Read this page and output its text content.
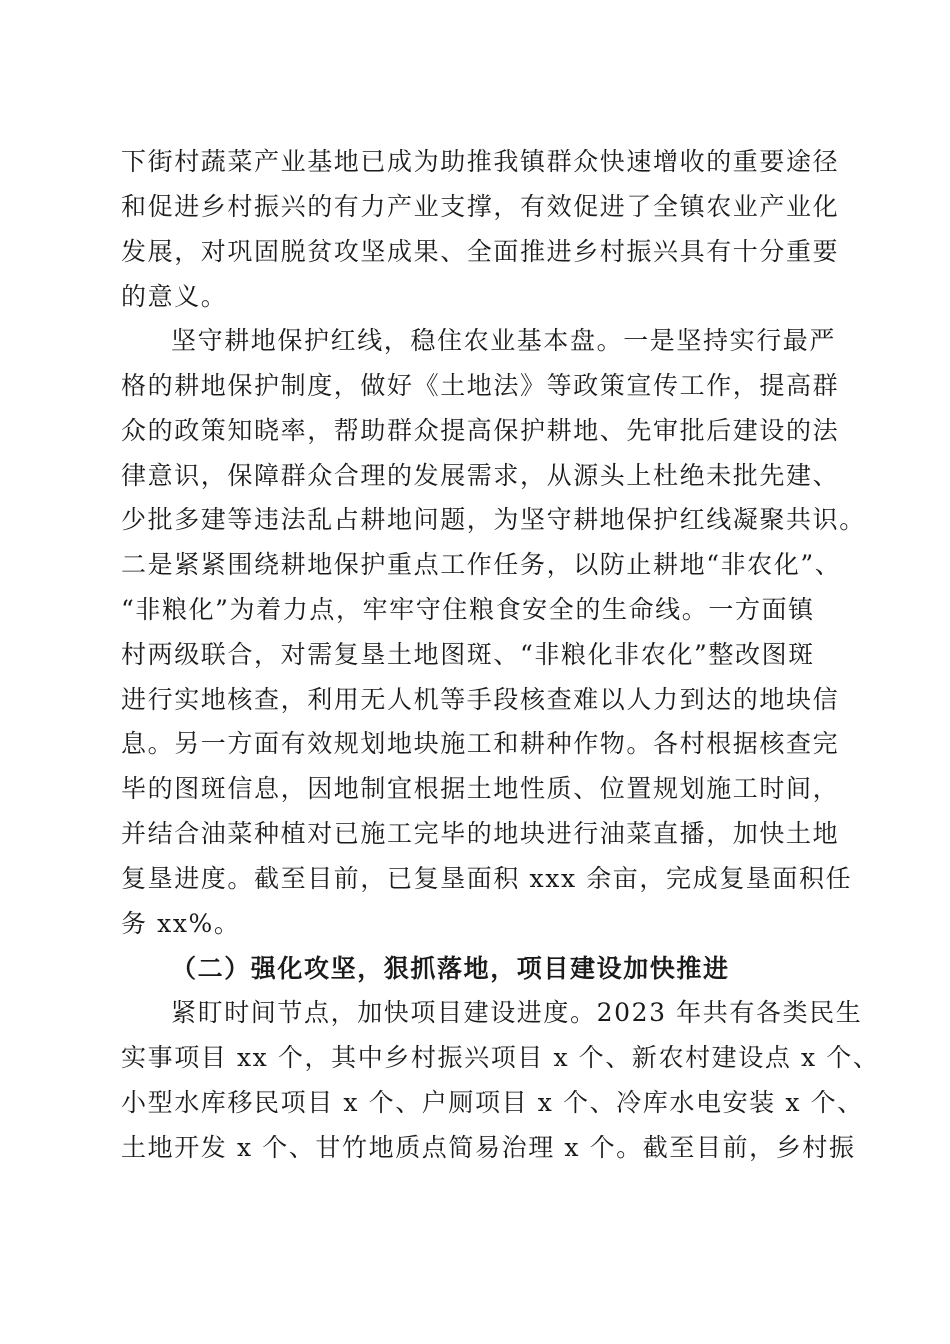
下街村蔬菜产业基地已成为助推我镇群众快速增收的重要途径
和促进乡村振兴的有力产业支撑，有效促进了全镇农业产业化
发展，对巩固脱贫攻坚成果、全面推进乡村振兴具有十分重要
的意义。
坚守耕地保护红线，稳住农业基本盘。一是坚持实行最严
格的耕地保护制度，做好《土地法》等政策宣传工作，提高群
众的政策知晓率，帮助群众提高保护耕地、先审批后建设的法
律意识，保障群众合理的发展需求，从源头上杜绝未批先建、
少批多建等违法乱占耕地问题，为坚守耕地保护红线凝聚共识。
二是紧紧围绕耕地保护重点工作任务，以防止耕地“非农化”、
“非粮化”为着力点，牢牢守住粮食安全的生命线。一方面镇
村两级联合，对需复垦土地图斑、“非粮化非农化”整改图斑
进行实地核查，利用无人机等手段核查难以人力到达的地块信
息。另一方面有效规划地块施工和耕种作物。各村根据核查完
毕的图斑信息，因地制宜根据土地性质、位置规划施工时间，
并结合油菜种植对已施工完毕的地块进行油菜直播，加快土地
复垦进度。截至目前，已复垦面积 xxx 余亩，完成复垦面积任
务 xx%。
（二）强化攻坚，狠抓落地，项目建设加快推进
紧盯时间节点，加快项目建设进度。2023 年共有各类民生
实事项目 xx 个，其中乡村振兴项目 x 个、新农村建设点 x 个、
小型水库移民项目 x 个、户厕项目 x 个、冷库水电安装 x 个、
土地开发 x 个、甘竹地质点简易治理 x 个。截至目前，乡村振
